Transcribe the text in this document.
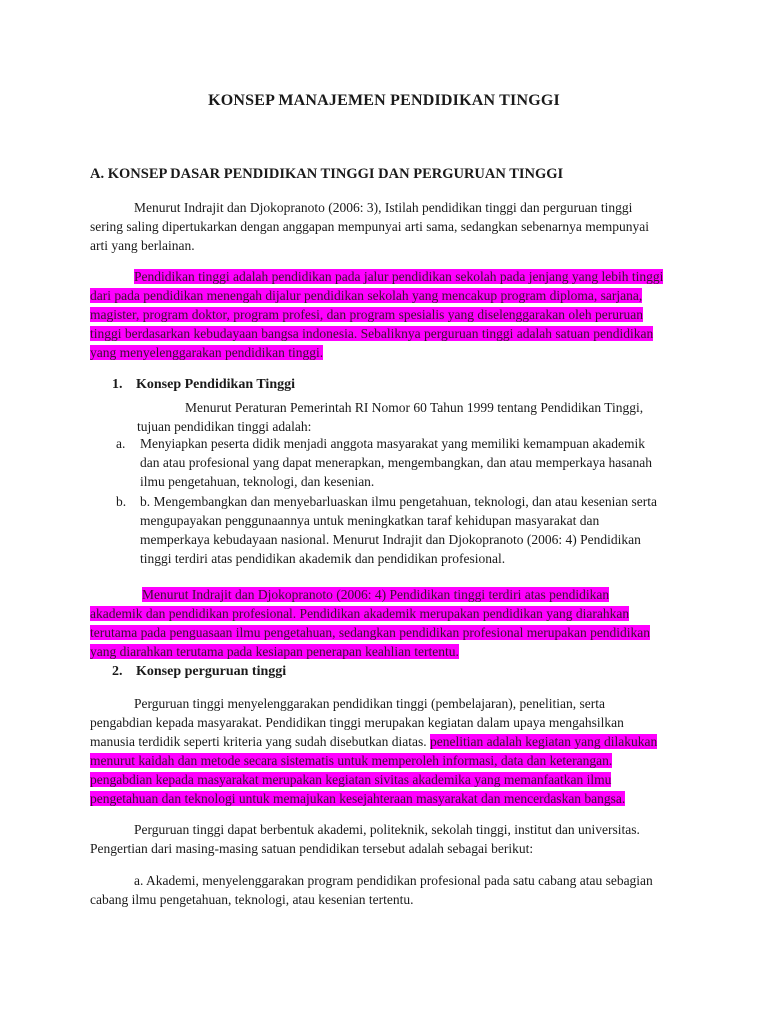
KONSEP MANAJEMEN PENDIDIKAN TINGGI
A. KONSEP DASAR PENDIDIKAN TINGGI DAN PERGURUAN TINGGI
Menurut Indrajit dan Djokopranoto (2006: 3), Istilah pendidikan tinggi dan perguruan tinggi
sering saling dipertukarkan dengan anggapan mempunyai arti sama, sedangkan sebenarnya mempunyai
arti yang berlainan.
Pendidikan tinggi adalah pendidikan pada jalur pendidikan sekolah pada jenjang yang lebih tinggi
dari pada pendidikan menengah dijalur pendidikan sekolah yang mencakup program diploma, sarjana,
magister, program doktor, program profesi, dan program spesialis yang diselenggarakan oleh peruruan
tinggi berdasarkan kebudayaan bangsa indonesia. Sebaliknya perguruan tinggi adalah satuan pendidikan
yang menyelenggarakan pendidikan tinggi.
1. Konsep Pendidikan Tinggi
Menurut Peraturan Pemerintah RI Nomor 60 Tahun 1999 tentang Pendidikan Tinggi,
tujuan pendidikan tinggi adalah:
a. Menyiapkan peserta didik menjadi anggota masyarakat yang memiliki kemampuan akademik
dan atau profesional yang dapat menerapkan, mengembangkan, dan atau memperkaya hasanah
ilmu pengetahuan, teknologi, dan kesenian.
b. b. Mengembangkan dan menyebarluaskan ilmu pengetahuan, teknologi, dan atau kesenian serta
mengupayakan penggunaannya untuk meningkatkan taraf kehidupan masyarakat dan
memperkaya kebudayaan nasional. Menurut Indrajit dan Djokopranoto (2006: 4) Pendidikan
tinggi terdiri atas pendidikan akademik dan pendidikan profesional.
Menurut Indrajit dan Djokopranoto (2006: 4) Pendidikan tinggi terdiri atas pendidikan
akademik dan pendidikan profesional. Pendidikan akademik merupakan pendidikan yang diarahkan
terutama pada penguasaan ilmu pengetahuan, sedangkan pendidikan profesional merupakan pendidikan
yang diarahkan terutama pada kesiapan penerapan keahlian tertentu.
2. Konsep perguruan tinggi
Perguruan tinggi menyelenggarakan pendidikan tinggi (pembelajaran), penelitian, serta
pengabdian kepada masyarakat. Pendidikan tinggi merupakan kegiatan dalam upaya mengahsilkan
manusia terdidik seperti kriteria yang sudah disebutkan diatas. penelitian adalah kegiatan yang dilakukan
menurut kaidah dan metode secara sistematis untuk memperoleh informasi, data dan keterangan.
pengabdian kepada masyarakat merupakan kegiatan sivitas akademika yang memanfaatkan ilmu
pengetahuan dan teknologi untuk memajukan kesejahteraan masyarakat dan mencerdaskan bangsa.
Perguruan tinggi dapat berbentuk akademi, politeknik, sekolah tinggi, institut dan universitas.
Pengertian dari masing-masing satuan pendidikan tersebut adalah sebagai berikut:
a. Akademi, menyelenggarakan program pendidikan profesional pada satu cabang atau sebagian
cabang ilmu pengetahuan, teknologi, atau kesenian tertentu.
